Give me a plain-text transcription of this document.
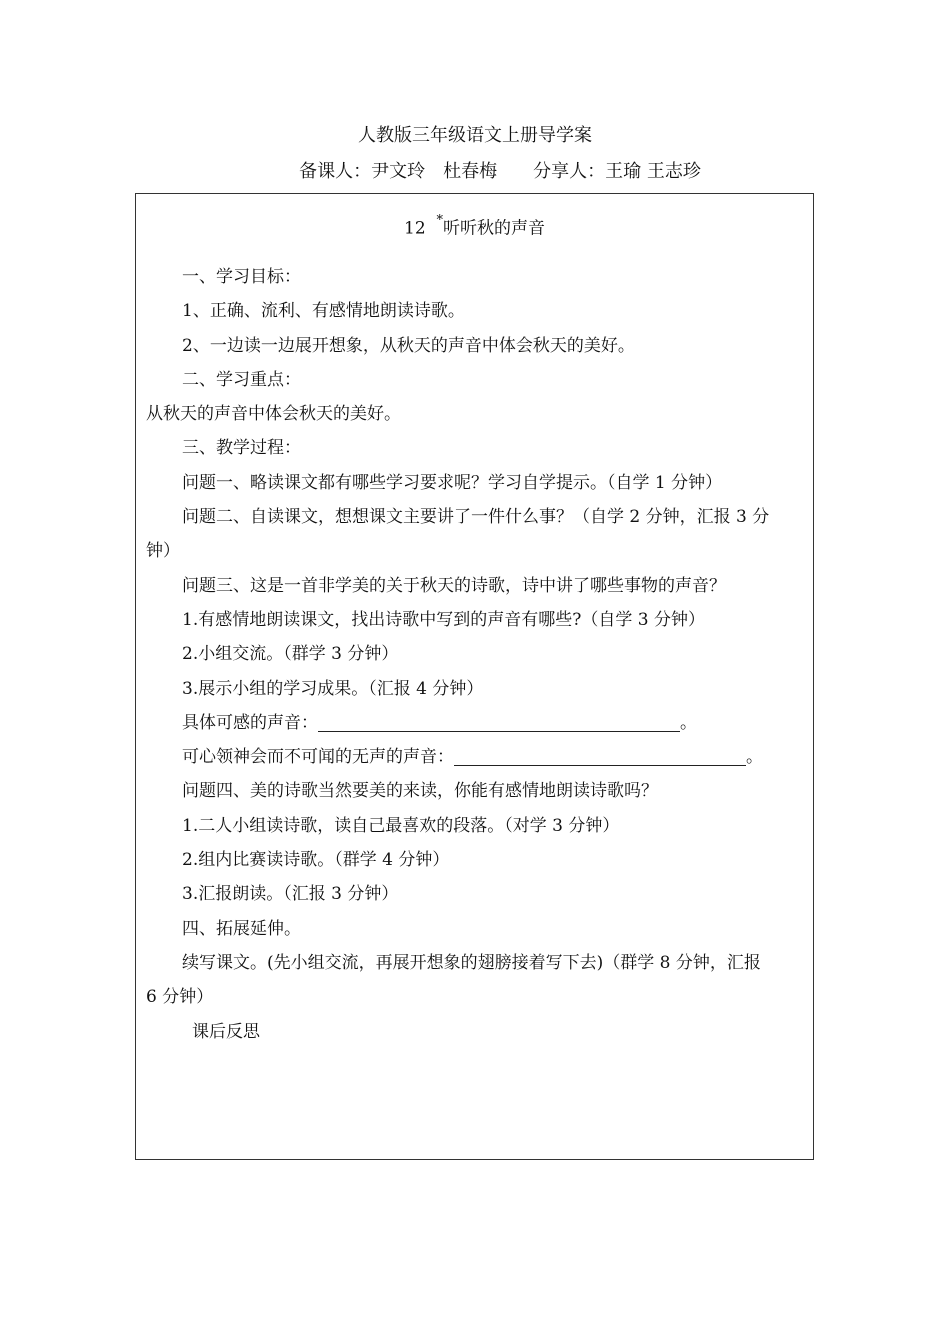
人教版三年级语文上册导学案
备课人：尹文玲　杜春梅　　分享人：王瑜 王志珍
12 *听听秋的声音
一、学习目标：
1、正确、流利、有感情地朗读诗歌。
2、一边读一边展开想象，从秋天的声音中体会秋天的美好。
二、学习重点：
从秋天的声音中体会秋天的美好。
三、教学过程：
问题一、略读课文都有哪些学习要求呢？学习自学提示。（自学 1 分钟）
问题二、自读课文，想想课文主要讲了一件什么事？（自学 2 分钟，汇报 3 分
钟）
问题三、这是一首非学美的关于秋天的诗歌，诗中讲了哪些事物的声音？
1.有感情地朗读课文，找出诗歌中写到的声音有哪些?（自学 3 分钟）
2.小组交流。（群学 3 分钟）
3.展示小组的学习成果。（汇报 4 分钟）
具体可感的声音：	。
可心领神会而不可闻的无声的声音：	。
问题四、美的诗歌当然要美的来读，你能有感情地朗读诗歌吗？
1.二人小组读诗歌，读自己最喜欢的段落。（对学 3 分钟）
2.组内比赛读诗歌。（群学 4 分钟）
3.汇报朗读。（汇报 3 分钟）
四、拓展延伸。
续写课文。(先小组交流，再展开想象的翅膀接着写下去)（群学 8 分钟，汇报
6 分钟）
课后反思
